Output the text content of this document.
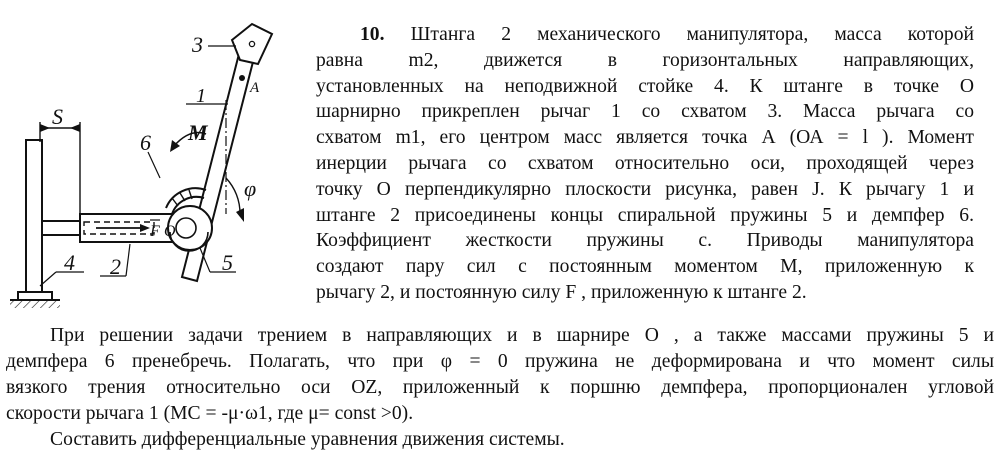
S
M
1
2
3
4	5
6
A
φ
F O
10. Штанга 2 механического манипулятора, масса которой
равна m2, движется в горизонтальных направляющих,
установленных на неподвижной стойке 4. К штанге в точке О
шарнирно прикреплен рычаг 1 со схватом 3. Масса рычага со
схватом m1, его центром масс является точка А (ОА = l ). Момент
инерции рычага со схватом относительно оси, проходящей через
точку О перпендикулярно плоскости рисунка, равен J. К рычагу 1 и
штанге 2 присоединены концы спиральной пружины 5 и демпфер 6.
Коэффициент жесткости пружины c. Приводы манипулятора
создают пару сил с постоянным моментом M, приложенную к
рычагу 2, и постоянную силу F , приложенную к штанге 2.
При решении задачи трением в направляющих и в шарнире О , а также массами пружины 5 и
демпфера 6 пренебречь. Полагать, что при φ = 0 пружина не деформирована и что момент силы
вязкого трения относительно оси OZ, приложенный к поршню демпфера, пропорционален угловой
скорости рычага 1 (MC = -μ·ω1, где μ= const >0).
Составить дифференциальные уравнения движения системы.
